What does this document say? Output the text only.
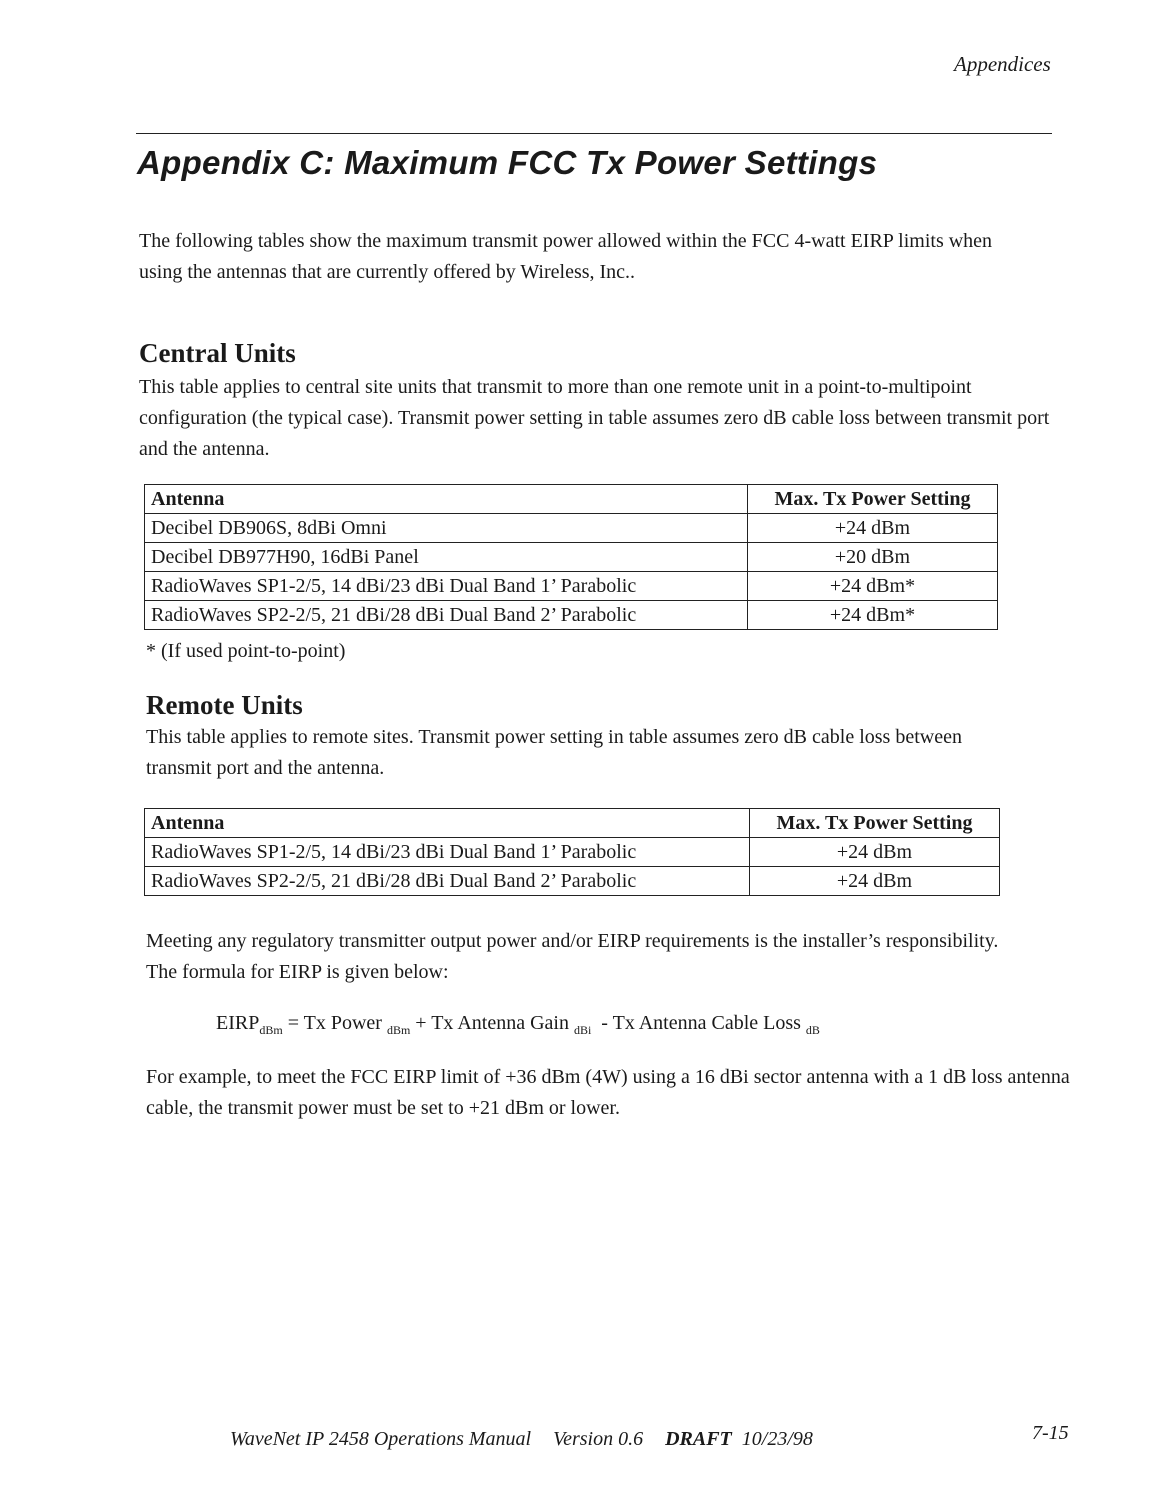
Appendices
Appendix C: Maximum FCC Tx Power Settings

The following tables show the maximum transmit power allowed within the FCC 4-watt EIRP limits when using the antennas that are currently offered by Wireless, Inc..

Central Units

This table applies to central site units that transmit to more than one remote unit in a point-to-multipoint configuration (the typical case). Transmit power setting in table assumes zero dB cable loss between transmit port and the antenna.

Antenna	Max. Tx Power Setting
Decibel DB906S, 8dBi Omni	+24 dBm
Decibel DB977H90, 16dBi Panel	+20 dBm
RadioWaves SP1-2/5, 14 dBi/23 dBi Dual Band 1’ Parabolic	+24 dBm*
RadioWaves SP2-2/5, 21 dBi/28 dBi Dual Band 2’ Parabolic	+24 dBm*
* (If used point-to-point)
Remote Units

This table applies to remote sites. Transmit power setting in table assumes zero dB cable loss between transmit port and the antenna.

Antenna	Max. Tx Power Setting
RadioWaves SP1-2/5, 14 dBi/23 dBi Dual Band 1’ Parabolic	+24 dBm
RadioWaves SP2-2/5, 21 dBi/28 dBi Dual Band 2’ Parabolic	+24 dBm

Meeting any regulatory transmitter output power and/or EIRP requirements is the installer’s responsibility. The formula for EIRP is given below:

$EIRP_{dBm} = Tx$ Power $_{dBm}$ + Tx Antenna Gain $_{dBi}$  - Tx Antenna Cable Loss $_{dB}$

For example, to meet the FCC EIRP limit of +36 dBm (4W) using a 16 dBi sector antenna with a 1 dB loss antenna cable, the transmit power must be set to +21 dBm or lower.

WaveNet IP 2458 Operations Manual Version 0.6 DRAFT 10/23/98	7-15
